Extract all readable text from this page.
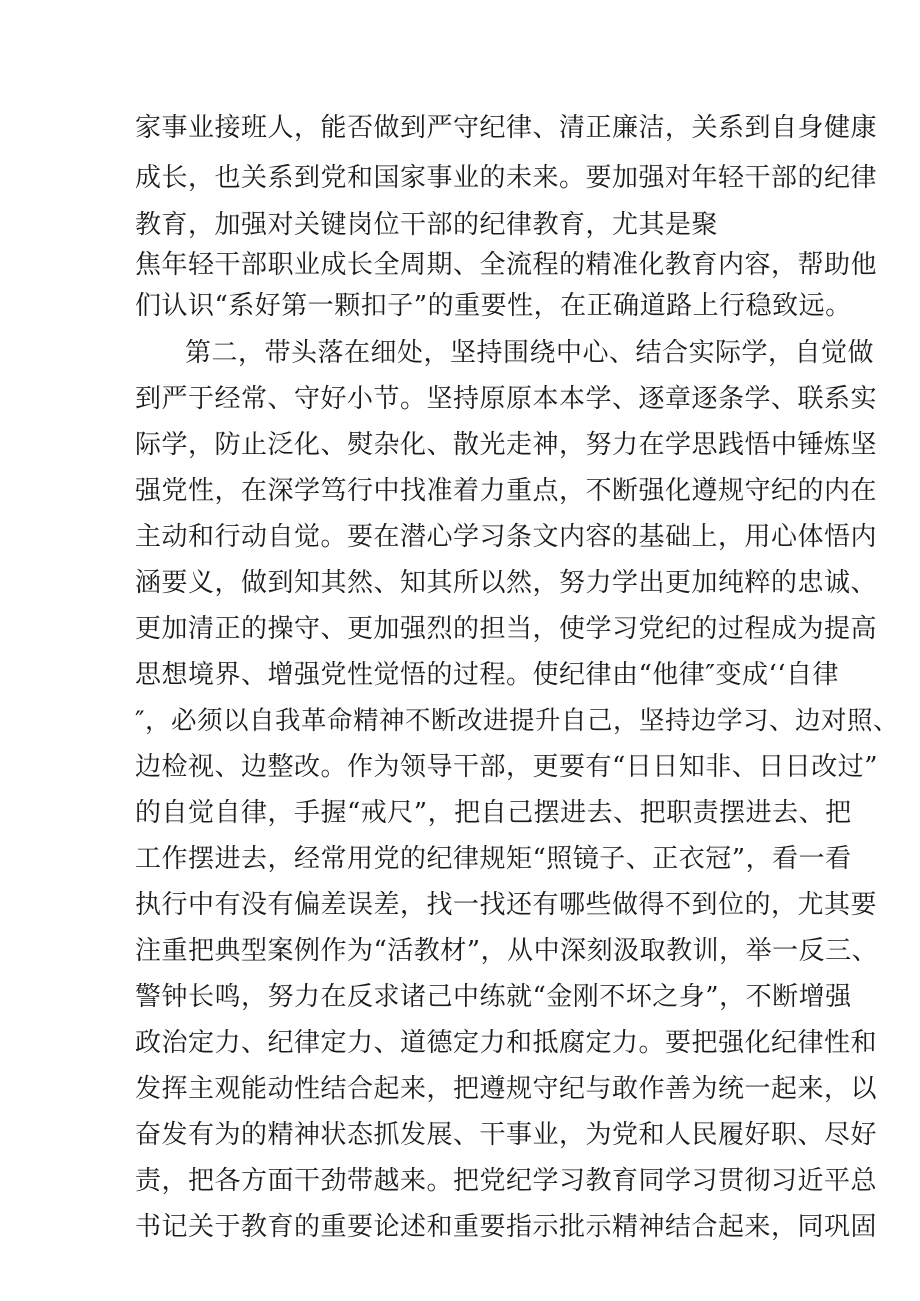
家事业接班人，能否做到严守纪律、清正廉洁，关系到自身健康
成长，也关系到党和国家事业的未来。要加强对年轻干部的纪律
教育，加强对关键岗位干部的纪律教育，尤其是聚
焦年轻干部职业成长全周期、全流程的精准化教育内容，帮助他
们认识“系好第一颗扣子”的重要性，在正确道路上行稳致远。
第二，带头落在细处，坚持围绕中心、结合实际学，自觉做
到严于经常、守好小节。坚持原原本本学、逐章逐条学、联系实
际学，防止泛化、熨杂化、散光走神，努力在学思践悟中锤炼坚
强党性，在深学笃行中找准着力重点，不断强化遵规守纪的内在
主动和行动自觉。要在潜心学习条文内容的基础上，用心体悟内
涵要义，做到知其然、知其所以然，努力学出更加纯粹的忠诚、
更加清正的操守、更加强烈的担当，使学习党纪的过程成为提高
思想境界、增强党性觉悟的过程。使纪律由“他律″变成‘‘自律
″，必须以自我革命精神不断改进提升自己，坚持边学习、边对照、
边检视、边整改。作为领导干部，更要有“日日知非、日日改过”
的自觉自律，手握“戒尺”，把自己摆进去、把职责摆进去、把
工作摆进去，经常用党的纪律规矩“照镜子、正衣冠”，看一看
执行中有没有偏差误差，找一找还有哪些做得不到位的，尤其要
注重把典型案例作为“活教材”，从中深刻汲取教训，举一反三、
警钟长鸣，努力在反求诸己中练就“金刚不坏之身”，不断增强
政治定力、纪律定力、道德定力和抵腐定力。要把强化纪律性和
发挥主观能动性结合起来，把遵规守纪与敢作善为统一起来，以
奋发有为的精神状态抓发展、干事业，为党和人民履好职、尽好
责，把各方面干劲带越来。把党纪学习教育同学习贯彻习近平总
书记关于教育的重要论述和重要指示批示精神结合起来，同巩固
